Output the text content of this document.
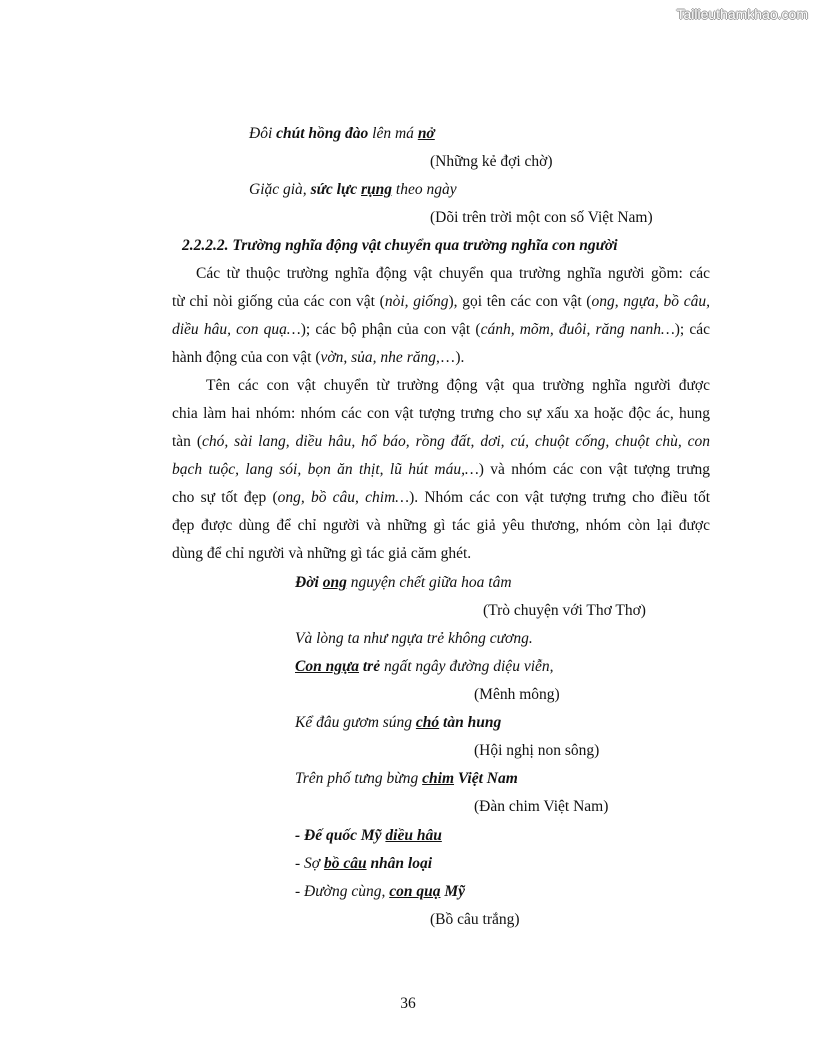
Tailieuthamkhao.com
Đôi chút hồng đào lên má nở
(Những kẻ đợi chờ)
Giặc già, sức lực rụng theo ngày
(Dõi trên trời một con số Việt Nam)
2.2.2.2. Trường nghĩa động vật chuyển qua trường nghĩa con người
Các từ thuộc trường nghĩa động vật chuyển qua trường nghĩa người gồm: các
từ chỉ nòi giống của các con vật (nòi, giống), gọi tên các con vật (ong, ngựa, bồ câu,
diều hâu, con quạ…); các bộ phận của con vật (cánh, mõm, đuôi, răng nanh…); các
hành động của con vật (vờn, sủa, nhe răng,…).
Tên các con vật chuyển từ trường động vật qua trường nghĩa người được
chia làm hai nhóm: nhóm các con vật tượng trưng cho sự xấu xa hoặc độc ác, hung
tàn (chó, sài lang, diều hâu, hổ báo, rồng đất, dơi, cú, chuột cống, chuột chù, con
bạch tuộc, lang sói, bọn ăn thịt, lũ hút máu,…) và nhóm các con vật tượng trưng
cho sự tốt đẹp (ong, bồ câu, chim…). Nhóm các con vật tượng trưng cho điều tốt
đẹp được dùng để chỉ người và những gì tác giả yêu thương, nhóm còn lại được
dùng để chỉ người và những gì tác giả căm ghét.
Đời ong nguyện chết giữa hoa tâm
(Trò chuyện với Thơ Thơ)
Và lòng ta như ngựa trẻ không cương.
Con ngựa trẻ ngất ngây đường diệu viễn,
(Mênh mông)
Kể đâu gươm súng chó tàn hung
(Hội nghị non sông)
Trên phố tưng bừng chim Việt Nam
(Đàn chim Việt Nam)
- Đế quốc Mỹ diều hâu
- Sợ bồ câu nhân loại
- Đường cùng, con quạ Mỹ
(Bồ câu trắng)
36
